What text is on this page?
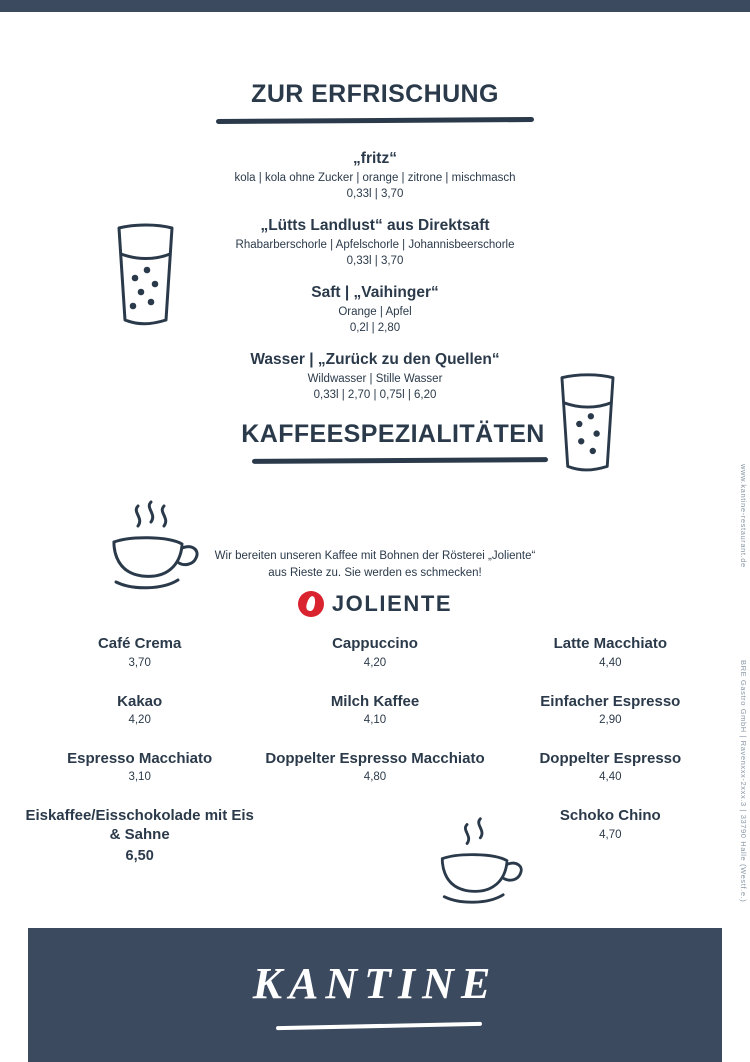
ZUR ERFRISCHUNG
„fritz“
kola | kola ohne Zucker | orange | zitrone | mischmasch
0,33l | 3,70
„Lütts Landlust“ aus Direktsaft
Rhabarberschorle | Apfelschorle | Johannisbeerschorle
0,33l | 3,70
Saft | „Vaihinger“
Orange | Apfel
0,2l | 2,80
Wasser | „Zurück zu den Quellen“
Wildwasser | Stille Wasser
0,33l | 2,70 | 0,75l | 6,20
KAFFEESPEZIALITÄTEN
Wir bereiten unseren Kaffee mit Bohnen der Rösterei „Joliente“
aus Rieste zu. Sie werden es schmecken!
JOLIENTE
Café Crema
3,70
Cappuccino
4,20
Latte Macchiato
4,40
Kakao
4,20
Milch Kaffee
4,10
Einfacher Espresso
2,90
Espresso Macchiato
3,10
Doppelter Espresso Macchiato
4,80
Doppelter Espresso
4,40
Eiskaffee/Eisschokolade mit Eis & Sahne
6,50
Schoko Chino
4,70
www.kantine-restaurant.de
BRE Gastro GmbH | Ravenxxx-2xxx.3 | 33790 Halle (Westf.e.)
KANTINE
